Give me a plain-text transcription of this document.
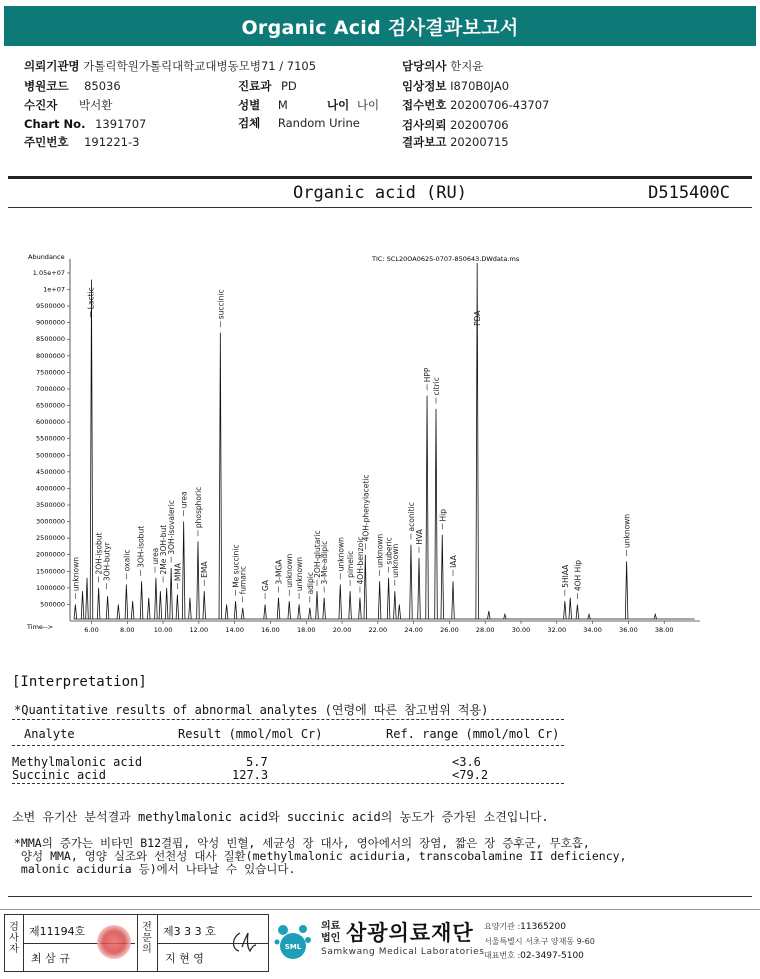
Organic Acid 검사결과보고서
의뢰기관명 가톨릭학원가톨릭대학교대병동모병71 / 7105	담당의사 한지윤
병원코드 85036	진료과 PD	임상정보 I870B0JA0
수진자 박서환	성별 M	나이 나이 접수번호 20200706-43707
Chart No. 1391707	검체 Random Urine	검사의뢰 20200706
주민번호 191221-3	결과보고 20200715
Organic acid (RU)	D515400C
TIC: SCL20OA0625-0707-850643.DWdata.ms
Abundance
Time-->
500000
1000000
1500000
2000000
2500000
3000000
3500000
4000000
4500000
5000000
5500000
6000000
6500000
7000000
7500000
8000000
8500000
9000000
9500000
1e+07
1.05e+07
6.00	8.00	10.00	12.00	14.00	16.00	18.00	20.00	22.00	24.00	26.00	28.00	30.00	32.00	34.00	36.00	38.00
unknown
Lactic
2OH-isobut 3OH-butyr oxalic 3OH-isobut urea 2Me 3OH-but 3OH-isovaleric
MMA
urea phosphoric
EMA
succinic
Me succinic
fumaric GA
3-MGA unknown unknown adipic
2OH-glutaric
3-Me-adipic unknown pimelic 4OH-benzoic
4OH-phenylacetic
unknown suberic
unknown
aconitic
HVA
HPP
citric
Hip
IAA
PDA
5HIAA 4OH Hip
unknown
[Interpretation]
*Quantitative results of abnormal analytes (연령에 따른 참고범위 적용)
Analyte	Result (mmol/mol Cr)	Ref. range (mmol/mol Cr)
Methylmalonic acid	5.7	<3.6
Succinic acid	127.3	<79.2
소변 유기산 분석결과 methylmalonic acid와 succinic acid의 농도가 증가된 소견입니다.
*MMA의 증가는 비타민 B12결핍, 악성 빈혈, 세균성 장 대사, 영아에서의 장염, 짧은 장 증후군, 무호흡,
양성 MMA, 영양 실조와 선천성 대사 질환(methylmalonic aciduria, transcobalamine II deficiency,
malonic aciduria 등)에서 나타날 수 있습니다.
검사자
제11194호
최 삼 규
전문의
제3 3 3 호
지 현 영
SML
의료법인 삼광의료재단
Samkwang Medical Laboratories
요양기관 :11365200
서울특별시 서초구 양재동 9-60
대표번호 :02-3497-5100
